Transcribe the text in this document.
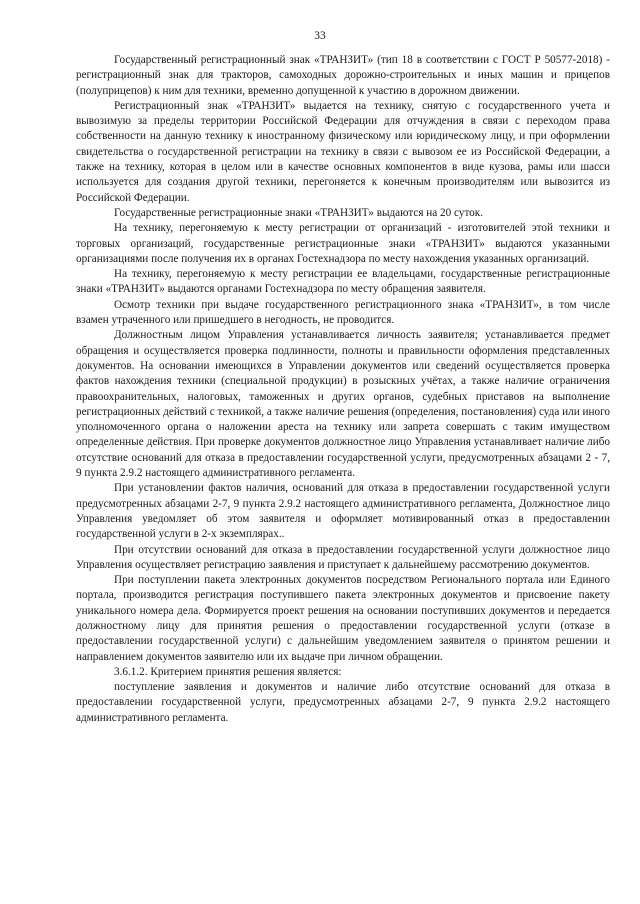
33

Государственный регистрационный знак «ТРАНЗИТ» (тип 18 в соответствии с ГОСТ Р 50577-2018) - регистрационный знак для тракторов, самоходных дорожно-строительных и иных машин и прицепов (полуприцепов) к ним для техники, временно допущенной к участию в дорожном движении.

Регистрационный знак «ТРАНЗИТ» выдается на технику, снятую с государственного учета и вывозимую за пределы территории Российской Федерации для отчуждения в связи с переходом права собственности на данную технику к иностранному физическому или юридическому лицу, и при оформлении свидетельства о государственной регистрации на технику в связи с вывозом ее из Российской Федерации, а также на технику, которая в целом или в качестве основных компонентов в виде кузова, рамы или шасси используется для создания другой техники, перегоняется к конечным производителям или вывозится из Российской Федерации.

Государственные регистрационные знаки «ТРАНЗИТ» выдаются на 20 суток.

На технику, перегоняемую к месту регистрации от организаций - изготовителей этой техники и торговых организаций, государственные регистрационные знаки «ТРАНЗИТ» выдаются указанными организациями после получения их в органах Гостехнадзора по месту нахождения указанных организаций.

На технику, перегоняемую к месту регистрации ее владельцами, государственные регистрационные знаки «ТРАНЗИТ» выдаются органами Гостехнадзора по месту обращения заявителя.

Осмотр техники при выдаче государственного регистрационного знака «ТРАНЗИТ», в том числе взамен утраченного или пришедшего в негодность, не проводится.

Должностным лицом Управления устанавливается личность заявителя; устанавливается предмет обращения и осуществляется проверка подлинности, полноты и правильности оформления представленных документов. На основании имеющихся в Управлении документов или сведений осуществляется проверка фактов нахождения техники (специальной продукции) в розыскных учётах, а также наличие ограничения правоохранительных, налоговых, таможенных и других органов, судебных приставов на выполнение регистрационных действий с техникой, а также наличие решения (определения, постановления) суда или иного уполномоченного органа о наложении ареста на технику или запрета совершать с таким имуществом определенные действия. При проверке документов должностное лицо Управления устанавливает наличие либо отсутствие оснований для отказа в предоставлении государственной услуги, предусмотренных абзацами 2 - 7, 9 пункта 2.9.2 настоящего административного регламента.

При установлении фактов наличия, оснований для отказа в предоставлении государственной услуги предусмотренных абзацами 2-7, 9 пункта 2.9.2 настоящего административного регламента, Должностное лицо Управления уведомляет об этом заявителя и оформляет мотивированный отказ в предоставлении государственной услуги в 2-х экземплярах..

При отсутствии оснований для отказа в предоставлении государственной услуги должностное лицо Управления осуществляет регистрацию заявления и приступает к дальнейшему рассмотрению документов.

При поступлении пакета электронных документов посредством Регионального портала или Единого портала, производится регистрация поступившего пакета электронных документов и присвоение пакету уникального номера дела. Формируется проект решения на основании поступивших документов и передается должностному лицу для принятия решения о предоставлении государственной услуги (отказе в предоставлении государственной услуги) с дальнейшим уведомлением заявителя о принятом решении и направлением документов заявителю или их выдаче при личном обращении.

3.6.1.2. Критерием принятия решения является:

поступление заявления и документов и наличие либо отсутствие оснований для отказа в предоставлении государственной услуги, предусмотренных абзацами 2-7, 9 пункта 2.9.2 настоящего административного регламента.
